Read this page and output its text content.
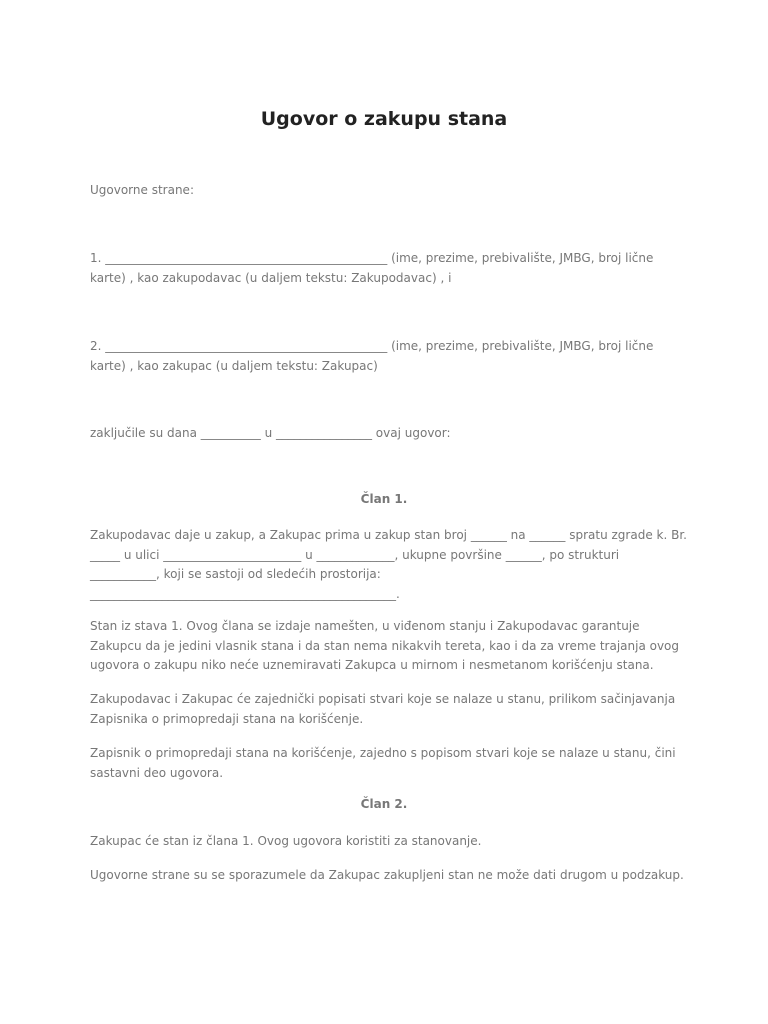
Ugovor o zakupu stana

Ugovorne strane:

1. _______________________________________________ (ime, prezime, prebivalište, JMBG, broj lične karte) , kao zakupodavac (u daljem tekstu: Zakupodavac) , i

2. _______________________________________________ (ime, prezime, prebivalište, JMBG, broj lične karte) , kao zakupac (u daljem tekstu: Zakupac)

zaključile su dana __________ u ________________ ovaj ugovor:

Član 1.

Zakupodavac daje u zakup, a Zakupac prima u zakup stan broj ______ na ______ spratu zgrade k. Br. _____ u ulici _______________________ u _____________, ukupne površine ______, po strukturi ___________, koji se sastoji od sledećih prostorija: ___________________________________________________.

Stan iz stava 1. Ovog člana se izdaje namešten, u viđenom stanju i Zakupodavac garantuje Zakupcu da je jedini vlasnik stana i da stan nema nikakvih tereta, kao i da za vreme trajanja ovog ugovora o zakupu niko neće uznemiravati Zakupca u mirnom i nesmetanom korišćenju stana.

Zakupodavac i Zakupac će zajednički popisati stvari koje se nalaze u stanu, prilikom sačinjavanja Zapisnika o primopredaji stana na korišćenje.

Zapisnik o primopredaji stana na korišćenje, zajedno s popisom stvari koje se nalaze u stanu, čini sastavni deo ugovora.

Član 2.

Zakupac će stan iz člana 1. Ovog ugovora koristiti za stanovanje.

Ugovorne strane su se sporazumele da Zakupac zakupljeni stan ne može dati drugom u podzakup.
